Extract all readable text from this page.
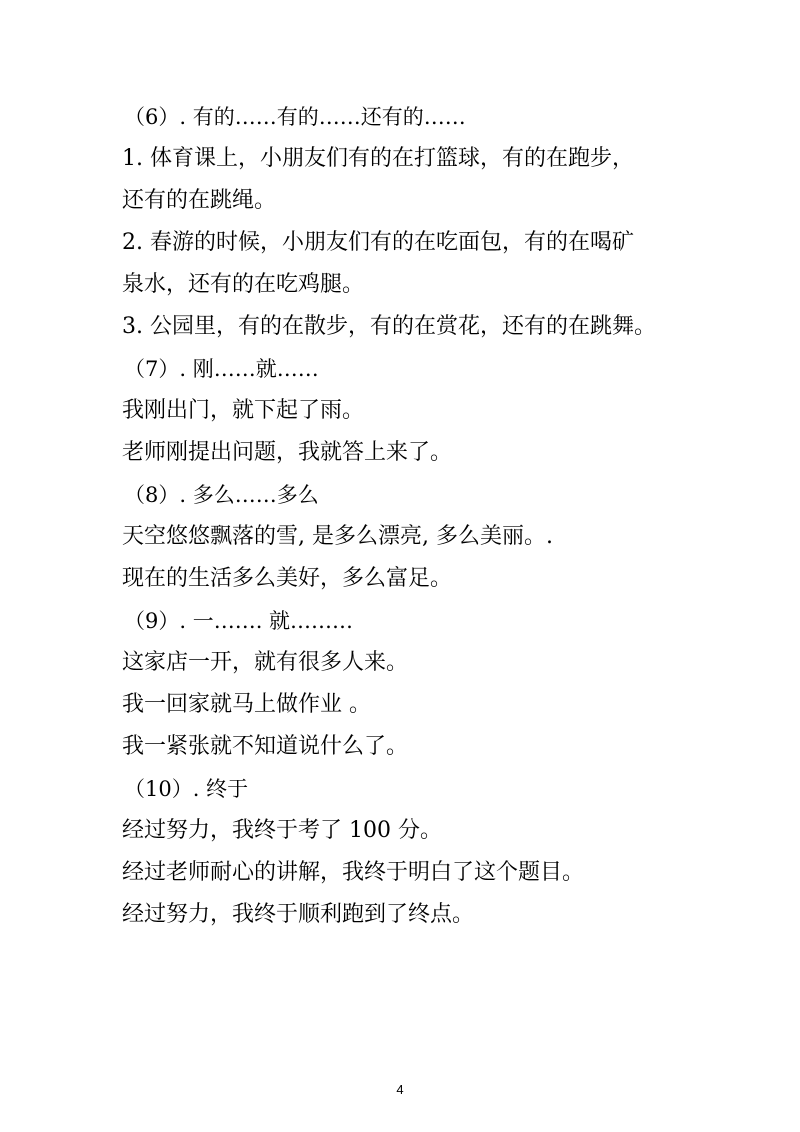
（6）. 有的……有的……还有的……
1. 体育课上，小朋友们有的在打篮球，有的在跑步，
还有的在跳绳。
2. 春游的时候，小朋友们有的在吃面包，有的在喝矿
泉水，还有的在吃鸡腿。
3. 公园里，有的在散步，有的在赏花，还有的在跳舞。
（7）. 刚……就……
我刚出门，就下起了雨。
老师刚提出问题，我就答上来了。
（8）. 多么……多么
天空悠悠飘落的雪, 是多么漂亮, 多么美丽。.
现在的生活多么美好，多么富足。
（9）. 一……. 就………
这家店一开，就有很多人来。
我一回家就马上做作业 。
我一紧张就不知道说什么了。
（10）. 终于
经过努力，我终于考了 100 分。
经过老师耐心的讲解，我终于明白了这个题目。
经过努力，我终于顺利跑到了终点。
4
